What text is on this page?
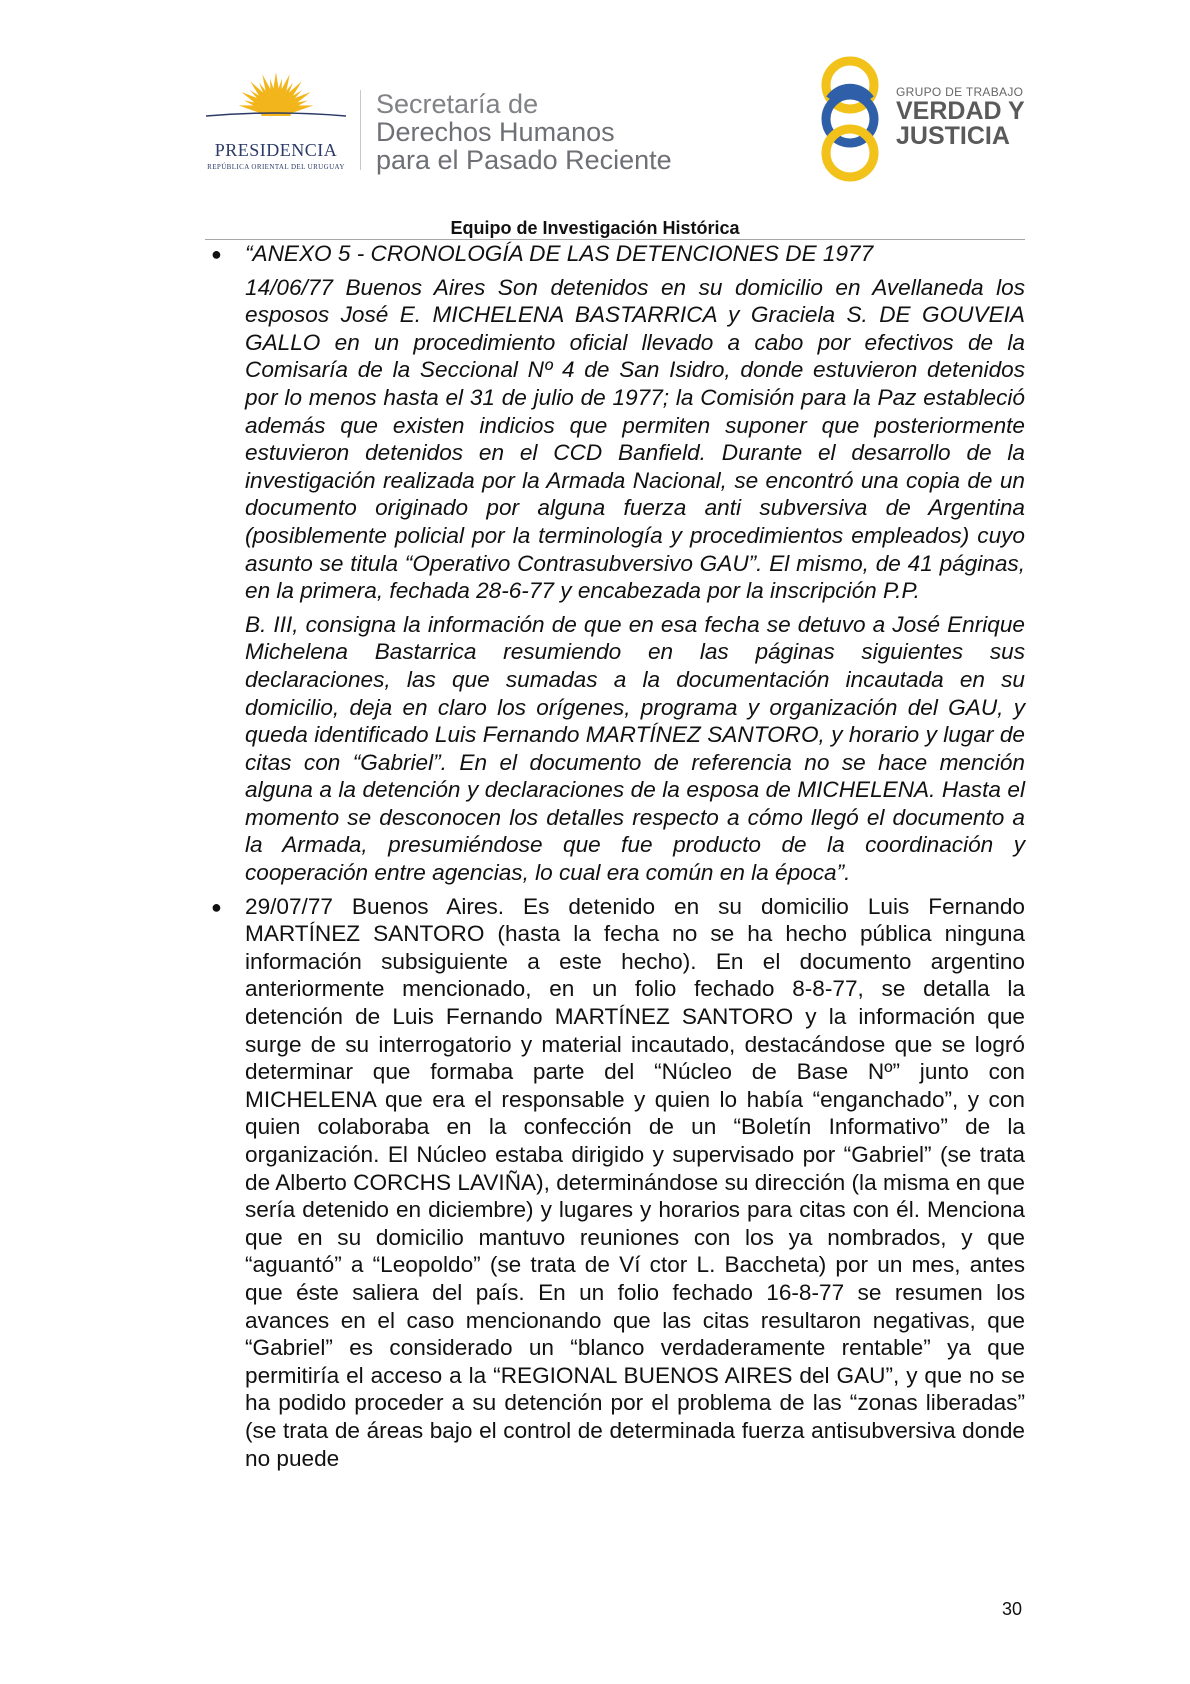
PRESIDENCIA
REPÚBLICA ORIENTAL DEL URUGUAY
Secretaría de
Derechos Humanos
para el Pasado Reciente
GRUPO DE TRABAJO
VERDAD Y
JUSTICIA
Equipo de Investigación Histórica
● “ANEXO 5 - CRONOLOGÍA DE LAS DETENCIONES DE 1977

14/06/77 Buenos Aires Son detenidos en su domicilio en Avellaneda los esposos José E. MICHELENA BASTARRICA y Graciela S. DE GOUVEIA GALLO en un procedimiento oficial llevado a cabo por efectivos de la Comisaría de la Seccional Nº 4 de San Isidro, donde estuvieron detenidos por lo menos hasta el 31 de julio de 1977; la Comisión para la Paz estableció además que existen indicios que permiten suponer que posteriormente estuvieron detenidos en el CCD Banfield. Durante el desarrollo de la investigación realizada por la Armada Nacional, se encontró una copia de un documento originado por alguna fuerza anti subversiva de Argentina (posiblemente policial por la terminología y procedimientos empleados) cuyo asunto se titula “Operativo Contrasubversivo GAU”. El mismo, de 41 páginas, en la primera, fechada 28-6-77 y encabezada por la inscripción P.P.

B. III, consigna la información de que en esa fecha se detuvo a José Enrique Michelena Bastarrica resumiendo en las páginas siguientes sus declaraciones, las que sumadas a la documentación incautada en su domicilio, deja en claro los orígenes, programa y organización del GAU, y queda identificado Luis Fernando MARTÍNEZ SANTORO, y horario y lugar de citas con “Gabriel”. En el documento de referencia no se hace mención alguna a la detención y declaraciones de la esposa de MICHELENA. Hasta el momento se desconocen los detalles respecto a cómo llegó el documento a la Armada, presumiéndose que fue producto de la coordinación y cooperación entre agencias, lo cual era común en la época”.

● 29/07/77 Buenos Aires. Es detenido en su domicilio Luis Fernando MARTÍNEZ SANTORO (hasta la fecha no se ha hecho pública ninguna información subsiguiente a este hecho). En el documento argentino anteriormente mencionado, en un folio fechado 8-8-77, se detalla la detención de Luis Fernando MARTÍNEZ SANTORO y la información que surge de su interrogatorio y material incautado, destacándose que se logró determinar que formaba parte del “Núcleo de Base Nº” junto con MICHELENA que era el responsable y quien lo había “enganchado”, y con quien colaboraba en la confección de un “Boletín Informativo” de la organización. El Núcleo estaba dirigido y supervisado por “Gabriel” (se trata de Alberto CORCHS LAVIÑA), determinándose su dirección (la misma en que sería detenido en diciembre) y lugares y horarios para citas con él. Menciona que en su domicilio mantuvo reuniones con los ya nombrados, y que “aguantó” a “Leopoldo” (se trata de Ví ctor L. Baccheta) por un mes, antes que éste saliera del país. En un folio fechado 16-8-77 se resumen los avances en el caso mencionando que las citas resultaron negativas, que “Gabriel” es considerado un “blanco verdaderamente rentable” ya que permitiría el acceso a la “REGIONAL BUENOS AIRES del GAU”, y que no se ha podido proceder a su detención por el problema de las “zonas liberadas” (se trata de áreas bajo el control de determinada fuerza antisubversiva donde no puede

30
